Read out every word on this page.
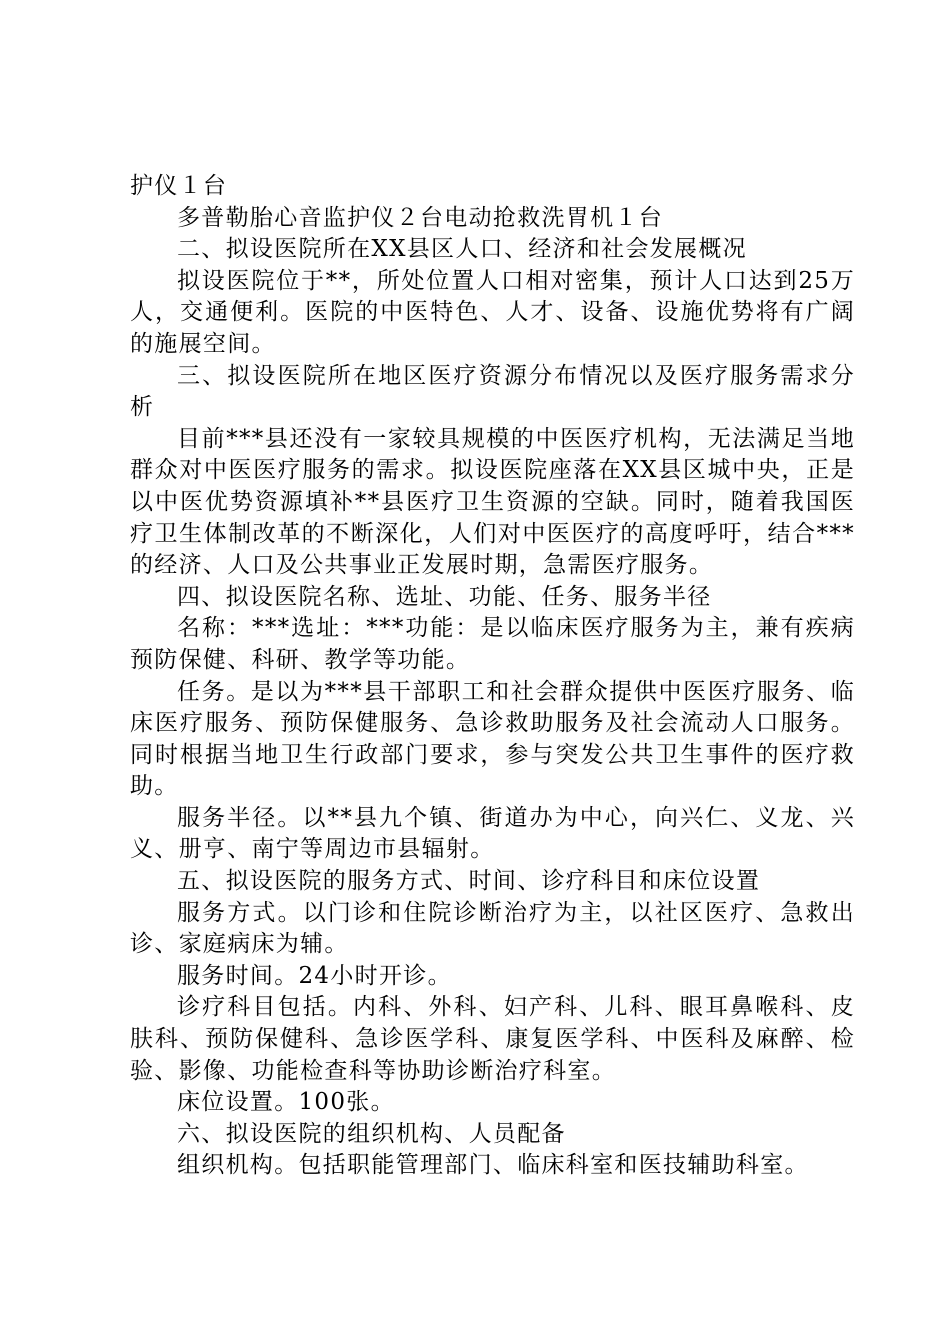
护仪１台

多普勒胎心音监护仪２台电动抢救洗胃机１台

二、拟设医院所在XX县区人口、经济和社会发展概况

拟设医院位于**，所处位置人口相对密集，预计人口达到25万人，交通便利。医院的中医特色、人才、设备、设施优势将有广阔的施展空间。

三、拟设医院所在地区医疗资源分布情况以及医疗服务需求分析

目前***县还没有一家较具规模的中医医疗机构，无法满足当地群众对中医医疗服务的需求。拟设医院座落在XX县区城中央，正是以中医优势资源填补**县医疗卫生资源的空缺。同时，随着我国医疗卫生体制改革的不断深化，人们对中医医疗的高度呼吁，结合***的经济、人口及公共事业正发展时期，急需医疗服务。

四、拟设医院名称、选址、功能、任务、服务半径

名称：***选址：***功能：是以临床医疗服务为主，兼有疾病预防保健、科研、教学等功能。

任务。是以为***县干部职工和社会群众提供中医医疗服务、临床医疗服务、预防保健服务、急诊救助服务及社会流动人口服务。同时根据当地卫生行政部门要求，参与突发公共卫生事件的医疗救助。

服务半径。以**县九个镇、街道办为中心，向兴仁、义龙、兴义、册亨、南宁等周边市县辐射。

五、拟设医院的服务方式、时间、诊疗科目和床位设置

服务方式。以门诊和住院诊断治疗为主，以社区医疗、急救出诊、家庭病床为辅。

服务时间。24小时开诊。

诊疗科目包括。内科、外科、妇产科、儿科、眼耳鼻喉科、皮肤科、预防保健科、急诊医学科、康复医学科、中医科及麻醉、检验、影像、功能检查科等协助诊断治疗科室。

床位设置。100张。

六、拟设医院的组织机构、人员配备

组织机构。包括职能管理部门、临床科室和医技辅助科室。
